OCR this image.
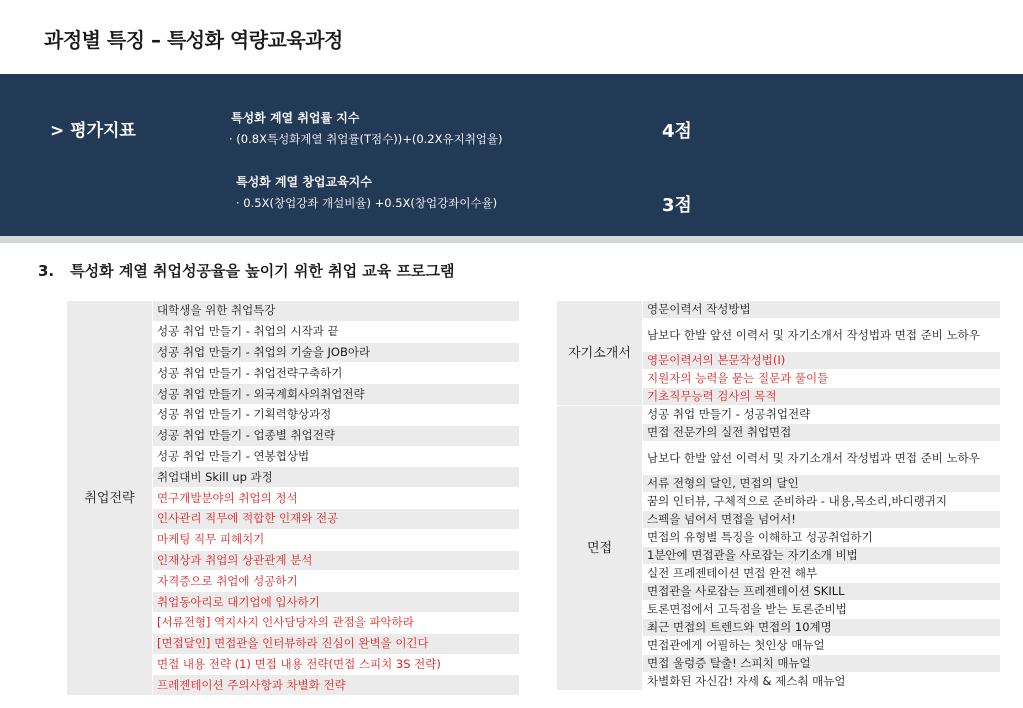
과정별 특징 – 특성화 역량교육과정
> 평가지표
특성화 계열 취업률 지수
· (0.8X특성화계열 취업률(T점수))+(0.2X유지취업율)	4점
특성화 계열 창업교육지수
· 0.5X(창업강좌 개설비율) +0.5X(창업강좌이수율)	3점
3. 특성화 계열 취업성공율을 높이기 위한 취업 교육 프로그램
취업전략	대학생을 위한 취업특강
성공 취업 만들기 - 취업의 시작과 끝
성공 취업 만들기 - 취업의 기술을 JOB아라
성공 취업 만들기 - 취업전략구축하기
성공 취업 만들기 - 외국계회사의취업전략
성공 취업 만들기 - 기획력향상과정
성공 취업 만들기 - 업종별 취업전략
성공 취업 만들기 - 연봉협상법
취업대비 Skill up 과정
연구개발분야의 취업의 정석
인사관리 직무에 적합한 인재와 전공
마케팅 직무 피헤치기
인재상과 취업의 상관관계 분석
자격증으로 취업에 성공하기
취업동아리로 대기업에 입사하기
[서류전형] 역지사지 인사담당자의 관점을 파악하라
[면접달인] 면접관을 인터뷰하라 진심이 완벽을 이긴다
면접 내용 전략 (1) 면접 내용 전략(면접 스피치 3S 전략)
프레젠테이션 주의사항과 차별화 전략
자기소개서	영문이력서 작성방법
	남보다 한발 앞선 이력서 및 자기소개서 작성법과 면접 준비 노하우
	영문이력서의 본문작성법(I)
	지원자의 능력을 묻는 질문과 풀이들
	기초직무능력 검사의 목적
면접	성공 취업 만들기 - 성공취업전략
	면접 전문가의 실전 취업면접
	남보다 한발 앞선 이력서 및 자기소개서 작성법과 면접 준비 노하우
	서류 전형의 달인, 면접의 달인
	꿈의 인터뷰, 구체적으로 준비하라 - 내용,목소리,바디랭귀지
	스펙을 넘어서 면접을 넘어서!
	면접의 유형별 특징을 이해하고 성공취업하기
	1분안에 면접관을 사로잡는 자기소개 비법
	실전 프레젠테이션 면접 완전 해부
	면접관을 사로잡는 프레젠테이션 SKILL
	토론면접에서 고득점을 받는 토론준비법
	최근 면접의 트렌드와 면접의 10계명
	면접관에게 어필하는 첫인상 매뉴얼
	면접 울렁증 탈출! 스피치 매뉴얼
	차별화된 자신감! 자세 & 제스춰 매뉴얼
